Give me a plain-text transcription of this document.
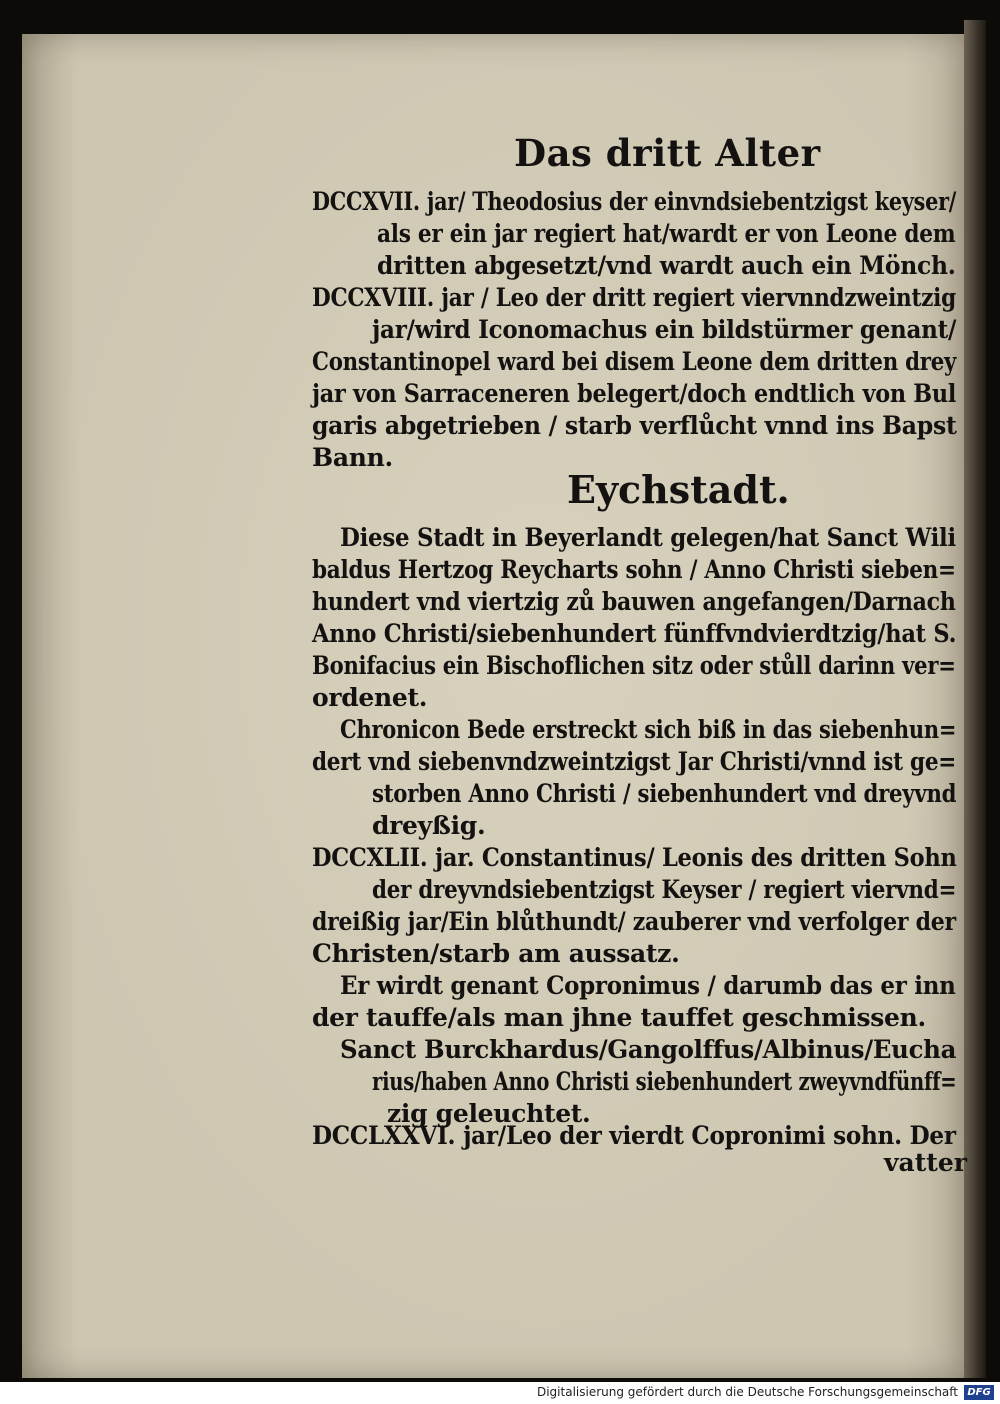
Das dritt Alter
DCCXVII. jar/ Theodosius der einvndsiebentzigst keyser/
als er ein jar regiert hat/wardt er von Leone dem
dritten abgesetzt/vnd wardt auch ein Mönch.
DCCXVIII. jar / Leo der dritt regiert viervnndzweintzig
jar/wird Iconomachus ein bildstürmer genant/
Constantinopel ward bei disem Leone dem dritten drey
jar von Sarraceneren belegert/doch endtlich von Bul
garis abgetrieben / starb verflůcht vnnd ins Bapst
Bann.
Eychstadt.
Diese Stadt in Beyerlandt gelegen/hat Sanct Wili
baldus Hertzog Reycharts sohn / Anno Christi sieben=
hundert vnd viertzig zů bauwen angefangen/Darnach
Anno Christi/siebenhundert fünffvndvierdtzig/hat S.
Bonifacius ein Bischoflichen sitz oder stůll darinn ver=
ordenet.
Chronicon Bede erstreckt sich biß in das siebenhun=
dert vnd siebenvndzweintzigst Jar Christi/vnnd ist ge=
storben Anno Christi / siebenhundert vnd dreyvnd
dreyßig.
DCCXLII. jar. Constantinus/ Leonis des dritten Sohn
der dreyvndsiebentzigst Keyser / regiert viervnd=
dreißig jar/Ein blůthundt/ zauberer vnd verfolger der
Christen/starb am aussatz.
Er wirdt genant Copronimus / darumb das er inn
der tauffe/als man jhne tauffet geschmissen.
Sanct Burckhardus/Gangolffus/Albinus/Eucha
rius/haben Anno Christi siebenhundert zweyvndfünff=
zig geleuchtet.
DCCLXXVI. jar/Leo der vierdt Copronimi sohn. Der
vatter
Digitalisierung gefördert durch die Deutsche Forschungsgemeinschaft DFG
